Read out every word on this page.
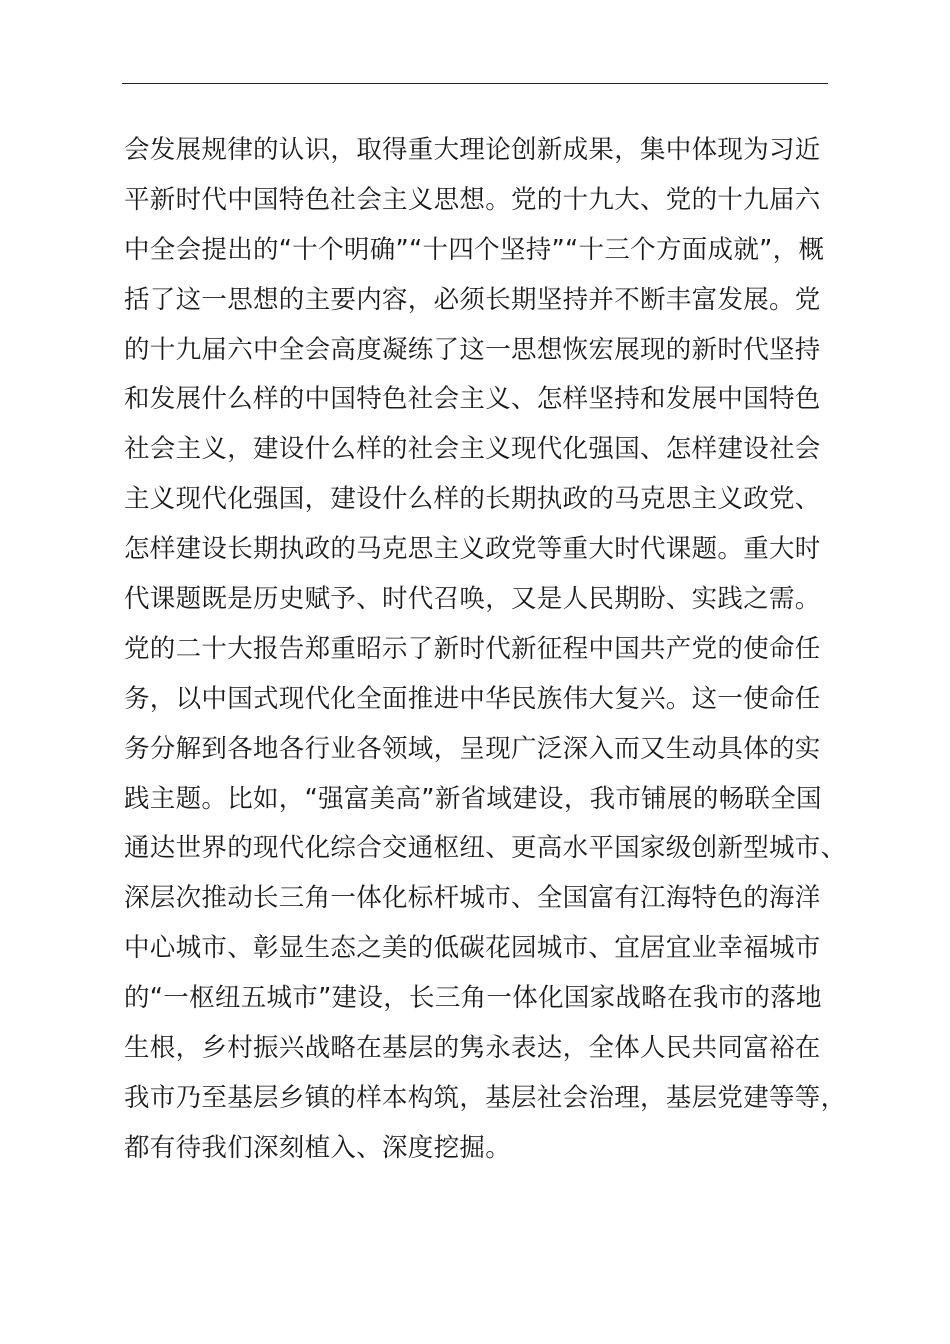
会发展规律的认识，取得重大理论创新成果，集中体现为习近
平新时代中国特色社会主义思想。党的十九大、党的十九届六
中全会提出的“十个明确”“十四个坚持”“十三个方面成就”，概
括了这一思想的主要内容，必须长期坚持并不断丰富发展。党
的十九届六中全会高度凝练了这一思想恢宏展现的新时代坚持
和发展什么样的中国特色社会主义、怎样坚持和发展中国特色
社会主义，建设什么样的社会主义现代化强国、怎样建设社会
主义现代化强国，建设什么样的长期执政的马克思主义政党、
怎样建设长期执政的马克思主义政党等重大时代课题。重大时
代课题既是历史赋予、时代召唤，又是人民期盼、实践之需。
党的二十大报告郑重昭示了新时代新征程中国共产党的使命任
务，以中国式现代化全面推进中华民族伟大复兴。这一使命任
务分解到各地各行业各领域，呈现广泛深入而又生动具体的实
践主题。比如，“强富美高”新省域建设，我市铺展的畅联全国
通达世界的现代化综合交通枢纽、更高水平国家级创新型城市、
深层次推动长三角一体化标杆城市、全国富有江海特色的海洋
中心城市、彰显生态之美的低碳花园城市、宜居宜业幸福城市
的“一枢纽五城市”建设，长三角一体化国家战略在我市的落地
生根，乡村振兴战略在基层的隽永表达，全体人民共同富裕在
我市乃至基层乡镇的样本构筑，基层社会治理，基层党建等等，
都有待我们深刻植入、深度挖掘。
